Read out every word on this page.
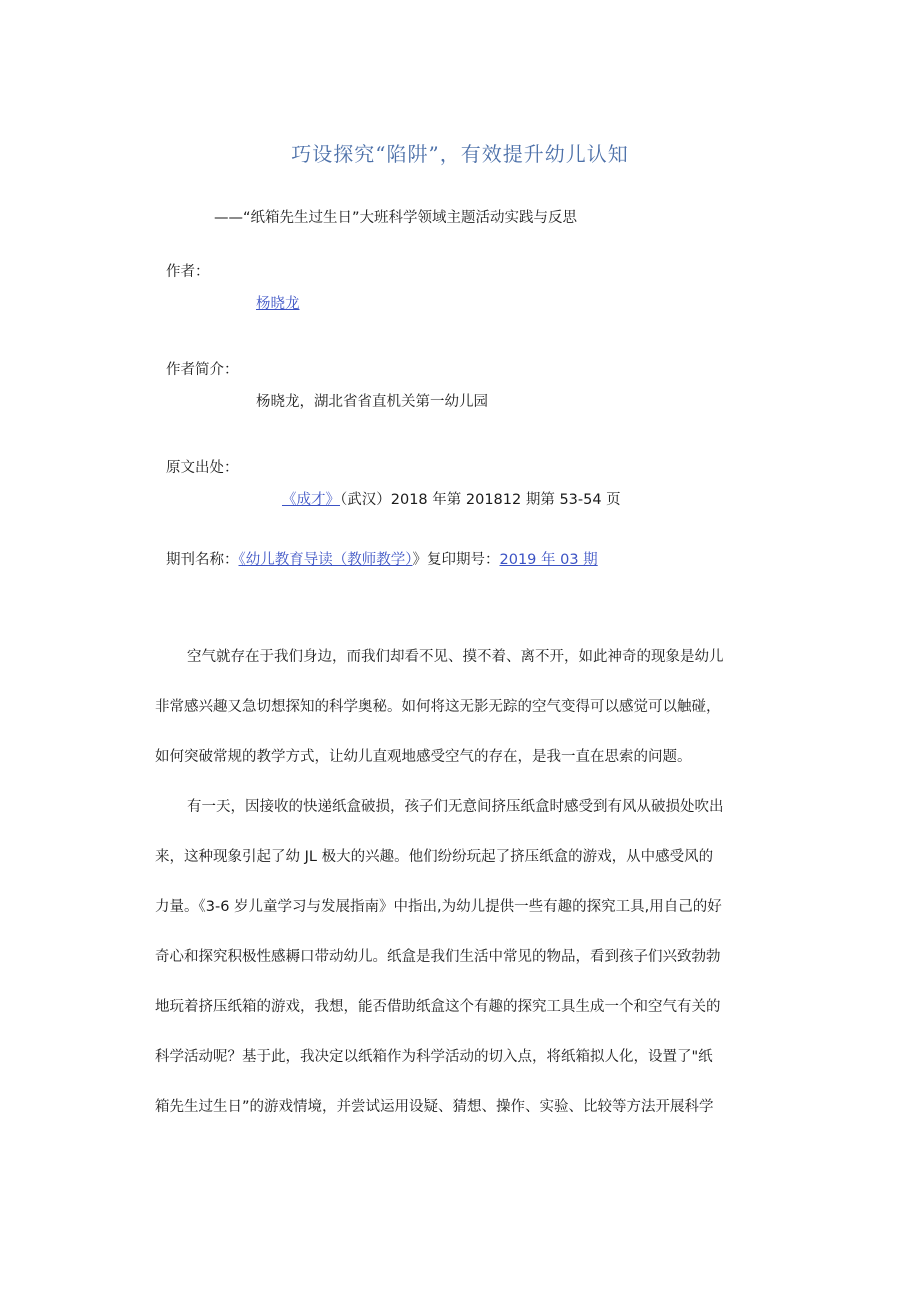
巧设探究“陷阱”，有效提升幼儿认知
——“纸箱先生过生日”大班科学领域主题活动实践与反思
作者：
杨晓龙
作者简介：
杨晓龙，湖北省省直机关第一幼儿园
原文出处：
《成才》（武汉）2018 年第 201812 期第 53-54 页
期刊名称：《幼儿教育导读（教师教学）》复印期号：2019 年 03 期
空气就存在于我们身边，而我们却看不见、摸不着、离不开，如此神奇的现象是幼儿
非常感兴趣又急切想探知的科学奥秘。如何将这无影无踪的空气变得可以感觉可以触碰，
如何突破常规的教学方式，让幼儿直观地感受空气的存在，是我一直在思索的问题。
有一天，因接收的快递纸盒破损，孩子们无意间挤压纸盒时感受到有风从破损处吹出
来，这种现象引起了幼 JL 极大的兴趣。他们纷纷玩起了挤压纸盒的游戏，从中感受风的
力量。《3-6 岁儿童学习与发展指南》中指出,为幼儿提供一些有趣的探究工具,用自己的好
奇心和探究积极性感耨口带动幼儿。纸盒是我们生活中常见的物品，看到孩子们兴致勃勃
地玩着挤压纸箱的游戏，我想，能否借助纸盒这个有趣的探究工具生成一个和空气有关的
科学活动呢？基于此，我决定以纸箱作为科学活动的切入点，将纸箱拟人化，设置了"纸
箱先生过生日”的游戏情境，并尝试运用设疑、猜想、操作、实验、比较等方法开展科学
